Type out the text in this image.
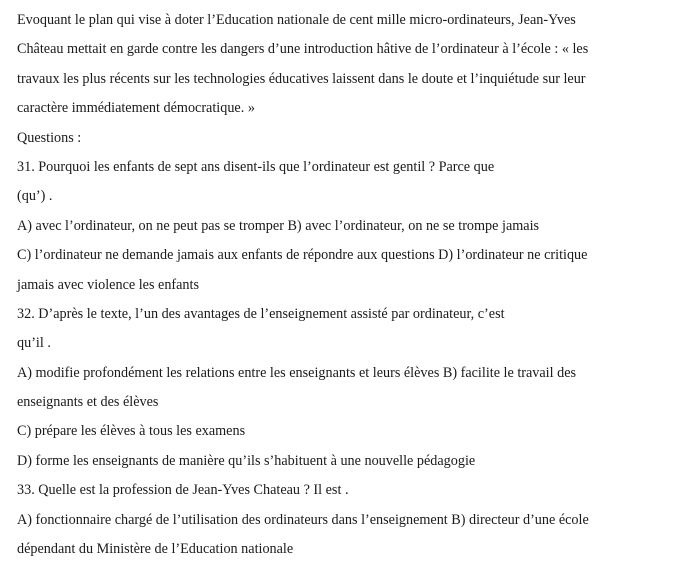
Evoquant le plan qui vise à doter l’Education nationale de cent mille micro-ordinateurs, Jean-Yves
Château mettait en garde contre les dangers d’une introduction hâtive de l’ordinateur à l’école : « les
travaux les plus récents sur les technologies éducatives laissent dans le doute et l’inquiétude sur leur
caractère immédiatement démocratique. »
Questions :
31. Pourquoi les enfants de sept ans disent-ils que l’ordinateur est gentil ? Parce que
(qu’) .
A) avec l’ordinateur, on ne peut pas se tromper B) avec l’ordinateur, on ne se trompe jamais
C) l’ordinateur ne demande jamais aux enfants de répondre aux questions D) l’ordinateur ne critique
jamais avec violence les enfants
32. D’après le texte, l’un des avantages de l’enseignement assisté par ordinateur, c’est
qu’il .
A) modifie profondément les relations entre les enseignants et leurs élèves B) facilite le travail des
enseignants et des élèves
C) prépare les élèves à tous les examens
D) forme les enseignants de manière qu’ils s’habituent à une nouvelle pédagogie
33. Quelle est la profession de Jean-Yves Chateau ? Il est .
A) fonctionnaire chargé de l’utilisation des ordinateurs dans l’enseignement B) directeur d’une école
dépendant du Ministère de l’Education nationale
